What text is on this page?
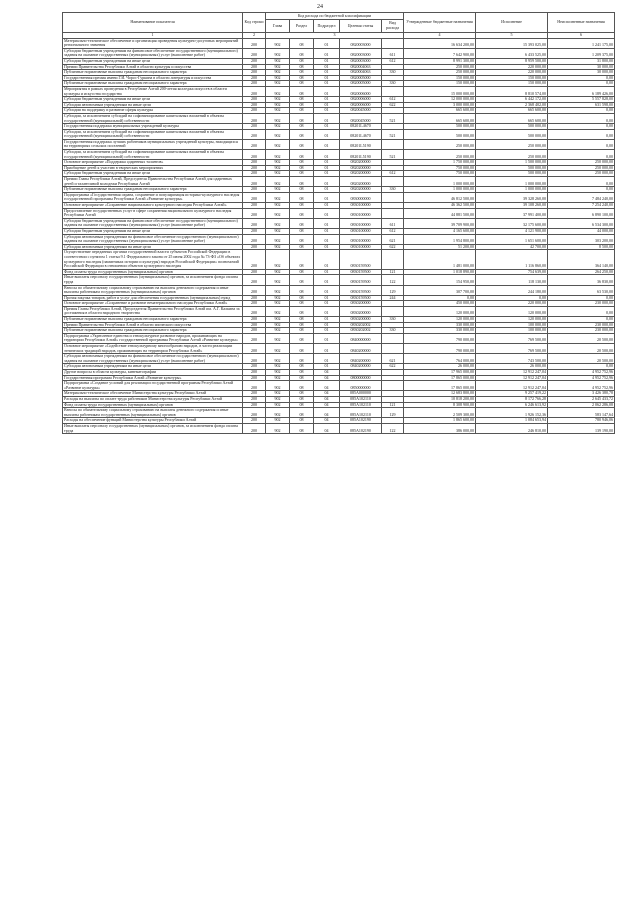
24
Наименование показателя	Код строки	Код расхода по бюджетной классификации					Утвержденные бюджетные назначения	Исполнение	Неисполненные назначения
		Глава	Раздел	Подраздел	Целевая статья	Вид расхода			
1	2	3					4	5	6
Материально-техническое обеспечение и организация проведения культурно-досуговых мероприятий регионального значения	200	902	08	01	0820003000		16 634 200,00	15 393 025,00	1 241 175,00
Субсидии бюджетным учреждениям на финансовое обеспечение государственного (муниципального) задания на оказание государственных (муниципальных) услуг (выполнение работ)	200	902	08	01	0820003000	611	7 642 900,00	6 433 525,00	1 209 375,00
Субсидии бюджетным учреждениям на иные цели	200	902	08	01	0820003000	612	8 991 300,00	8 959 500,00	31 800,00
Премии Правительства Республики Алтай в области культуры и искусства	200	902	08	01	0820004063		250 000,00	220 000,00	30 000,00
Публичные нормативные выплаты гражданам несоциального характера	200	902	08	01	0820004063	330	250 000,00	220 000,00	30 000,00
Государственная премия имени Г.И. Чорос-Гуркина в области литературы и искусства	200	902	08	01	0820005000		150 000,00	150 000,00	0,00
Публичные нормативные выплаты гражданам несоциального характера	200	902	08	01	0820005000	330	150 000,00	150 000,00	0,00
Мероприятия в рамках проведения в Республике Алтай 200-летия колледжа искусств в области культуры и искусства государства	200	902	08	01	0820006000		15 000 000,00	8 810 574,00	6 189 426,00
Субсидии бюджетным учреждениям на иные цели	200	902	08	01	0820006000	612	12 000 000,00	6 442 172,00	5 557 828,00
Субсидии автономным учреждениям на иные цели	200	902	08	01	0820006000	622	3 000 000,00	2 368 402,00	631 598,00
Субсидии на поддержку и развитие сферы культуры	200	902	08	01	0820045000		665 600,00	665 600,00	0,00
Субсидии, за исключением субсидий на софинансирование капитальных вложений в объекты государственной (муниципальной) собственности	200	902	08	01	0820045000	521	665 600,00	665 600,00	0,00
Государственная поддержка муниципальных учреждений культуры	200	902	08	01	08201L4670		500 000,00	500 000,00	0,00
Субсидии, за исключением субсидий на софинансирование капитальных вложений в объекты государственной (муниципальной) собственности	200	902	08	01	08201L4670	521	500 000,00	500 000,00	0,00
Государственная поддержка лучших работников муниципальных учреждений культуры, находящихся на территориях сельских поселений	200	902	08	01	08201L5190		250 000,00	250 000,00	0,00
Субсидии, за исключением субсидий на софинансирование капитальных вложений в объекты государственной (муниципальной) собственности	200	902	08	01	08201L5190	521	250 000,00	250 000,00	0,00
Основное мероприятие «Поддержка одаренных талантов»	200	902	08	01	0820200000		1 750 000,00	1 500 000,00	250 000,00
Приобщение детей к участию в творческих мероприятиях	200	902	08	01	0820200000		750 000,00	500 000,00	250 000,00
Субсидии бюджетным учреждениям на иные цели	200	902	08	01	0820200000	612	750 000,00	500 000,00	250 000,00
Премии Главы Республики Алтай, Председателя Правительства Республики Алтай для одаренных детей и талантливой молодежи Республики Алтай	200	902	08	01	0820200000		1 000 000,00	1 000 000,00	0,00
Публичные нормативные выплаты гражданам несоциального характера	200	902	08	01	0820200000	330	1 000 000,00	1 000 000,00	0,00
Подпрограмма «Государственная охрана, сохранение и популяризация историко-культурного наследия государственной программы Республики Алтай «Развитие культуры»	200	902	08	01	0830000000		46 812 500,00	39 328 260,00	7 484 240,00
Основное мероприятие «Сохранение национального культурного наследия Республики Алтай»	200	902	08	01	0830100000		46 362 500,00	39 108 260,00	7 254 240,00
Предоставление государственных услуг в сфере сохранения национального культурного наследия Республики Алтай	200	902	08	01	0830100000		44 881 500,00	37 991 400,00	6 890 100,00
Субсидии бюджетным учреждениям на финансовое обеспечение государственного (муниципального) задания на оказание государственных (муниципальных) услуг (выполнение работ)	200	902	08	01	0830100000	611	39 709 900,00	32 175 600,00	6 534 300,00
Субсидии бюджетным учреждениям на иные цели	200	902	08	01	0830100000	612	4 165 600,00	4 121 900,00	44 000,00
Субсидии автономным учреждениям на финансовое обеспечение государственного (муниципального) задания на оказание государственных (муниципальных) услуг (выполнение работ)	200	902	08	01	0830100000	621	1 954 800,00	1 651 600,00	303 200,00
Субсидии автономным учреждениям на иные цели	200	902	08	01	0830100000	622	51 200,00	42 700,00	8 500,00
Осуществление переданных органам государственной власти субъектов Российской Федерации в соответствии с пунктом 1 статьи 9.1 Федерального закона от 25 июня 2002 года № 73-ФЗ «Об объектах культурного наследия (памятниках истории и культуры) народов Российской Федерации» полномочий Российской Федерации в отношении объектов культурного наследия	200	902	08	01	0830159500		1 481 000,00	1 116 860,00	364 140,00
Фонд оплаты труда государственных (муниципальных) органов	200	902	08	01	0830159500	121	1 018 890,00	754 639,00	264 250,00
Иные выплаты персоналу государственных (муниципальных) органов, за исключением фонда оплаты труда	200	902	08	01	0830159500	122	154 950,00	118 130,00	36 830,00
Взносы по обязательному социальному страхованию на выплаты денежного содержания и иные выплаты работникам государственных (муниципальных) органов	200	902	08	01	0830159500	129	307 700,00	244 180,00	63 530,00
Прочая закупка товаров, работ и услуг для обеспечения государственных (муниципальных) нужд	200	902	08	01	0830159500	244	0,00	0,00	0,00
Основное мероприятие «Сохранение и развитие нематериального наследия Республики Алтай»	200	902	08	01	0830200000		450 000,00	220 000,00	230 000,00
Премия Главы Республики Алтай, Председателя Правительства Республики Алтай им. А.Г. Калкина за достижения в области народного творчества	200	902	08	01	0830200000		120 000,00	120 000,00	0,00
Публичные нормативные выплаты гражданам несоциального характера	200	902	08	01	0830200000	330	120 000,00	120 000,00	0,00
Премии Правительства Республики Алтай в области эпического искусства	200	902	08	01	0830202002		330 000,00	100 000,00	230 000,00
Публичные нормативные выплаты гражданам несоциального характера	200	902	08	01	0830202002	330	330 000,00	100 000,00	230 000,00
Подпрограмма «Укрепление единства и этнокультурное развитие народов, проживающих на территории Республики Алтай» государственной программы Республики Алтай «Развитие культуры»	200	902	08	01	0840000000		790 000,00	769 500,00	20 500,00
Основное мероприятие «Содействие этнокультурному многообразию народов, в части реализации этнических традиций народов, проживающих на территории Республики Алтай»	200	902	08	01	0840200000		790 000,00	769 500,00	20 500,00
Субсидии автономным учреждениям на финансовое обеспечение государственного (муниципального) задания на оказание государственных (муниципальных) услуг (выполнение работ)	200	902	08	01	0840200000	621	764 000,00	743 500,00	20 500,00
Субсидии автономным учреждениям на иные цели	200	902	08	01	0840200000	622	26 000,00	26 000,00	0,00
Другие вопросы в области культуры, кинематографии	200	902	08	04			17 965 000,00	12 912 247,04	4 952 752,96
Государственная программа Республики Алтай «Развитие культуры»	200	902	08	04	0800000000		17 865 000,00	12 912 247,04	4 952 752,96
Подпрограмма «Создание условий для реализации государственной программы Республики Алтай «Развитие культуры»	200	902	08	04	0850000000		17 865 000,00	12 912 247,04	4 952 752,96
Материально-техническое обеспечение Министерства культуры Республики Алтай	200	902	08	04	085A000000		12 683 800,00	9 257 419,22	3 426 380,78
Расходы на выплаты по оплате труда работников Министерства культуры Республики Алтай	200	902	08	04	085A102110		10 818 200,00	8 172 766,28	2 645 433,72
Фонд оплаты труда государственных (муниципальных) органов	200	902	08	04	085A102110	121	8 308 900,00	6 246 613,92	2 062 286,08
Взносы по обязательному социальному страхованию на выплаты денежного содержания и иные выплаты работникам государственных (муниципальных) органов	200	902	08	04	085A102110	129	2 509 300,00	1 926 152,36	583 147,64
Расходы на обеспечение функций Министерства культуры Республики Алтай	200	902	08	04	085A102190		1 865 600,00	1 084 653,94	780 946,06
Иные выплаты персоналу государственных (муниципальных) органов, за исключением фонда оплаты труда	200	902	08	04	085A102190	122	386 000,00	246 810,00	139 190,00
